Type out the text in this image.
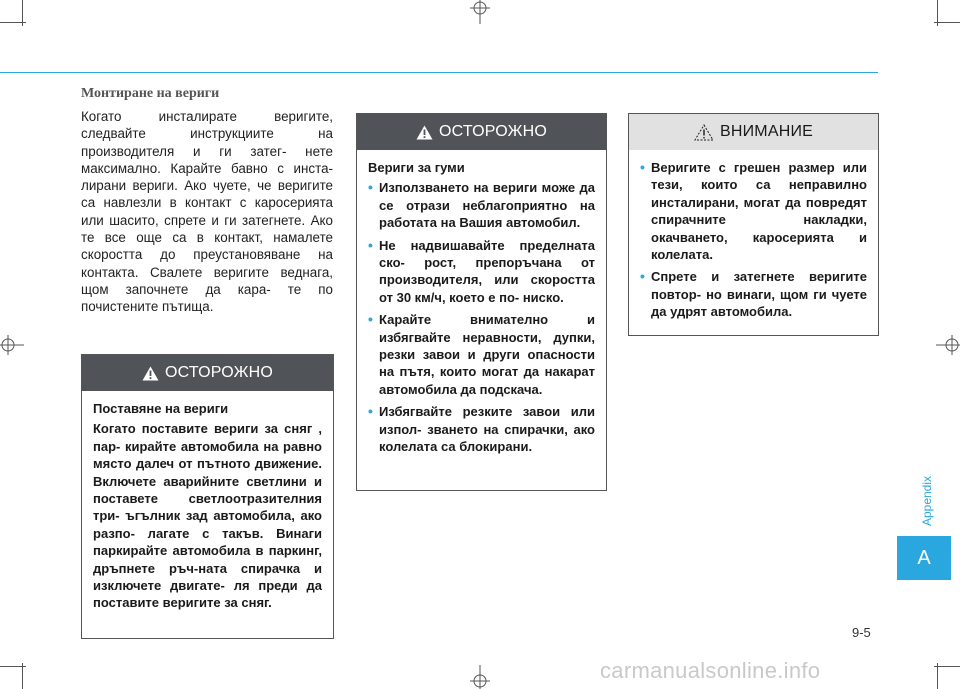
Монтиране на вериги

Когато инсталирате веригите, следвайте инструкциите на производителя и ги затег- нете максимално. Карайте бавно с инста- лирани вериги. Ако чуете, че веригите са навлезли в контакт с каросерията или шасито, спрете и ги затегнете. Ако те все още са в контакт, намалете скоростта до преустановяване на контакта. Свалете веригите веднага, щом започнете да кара- те по почистените пътища.

ОСТОРОЖНО

Поставяне на вериги

Когато поставите вериги за сняг , пар- кирайте автомобила на равно място далеч от пътното движение. Включете аварийните светлини и поставете светлоотразителния три- ъгълник зад автомобила, ако разпо- лагате с такъв. Винаги паркирайте автомобила в паркинг, дръпнете ръч-ната спирачка и изключете двигате- ля преди да поставите веригите за сняг.

ОСТОРОЖНО

Вериги за гуми

• Използването на вериги може да се отрази неблагоприятно на работата на Вашия автомобил.
• Не надвишавайте пределната ско- рост, препоръчана от производителя, или скоростта от 30 км/ч, което е по- ниско.
• Карайте внимателно и избягвайте неравности, дупки, резки завои и други опасности на пътя, които могат да накарат автомобила да подскача.
• Избягвайте резките завои или изпол- зването на спирачки, ако колелата са блокирани.
ВНИМАНИЕ
• Веригите с грешен размер или тези, които са неправилно инсталирани, могат да повредят спирачните накладки, окачването, каросерията и колелата.
• Спрете и затегнете веригите повтор- но винаги, щом ги чуете да удрят автомобила.
Appendix
A
9-5
carmanualsonline.info
